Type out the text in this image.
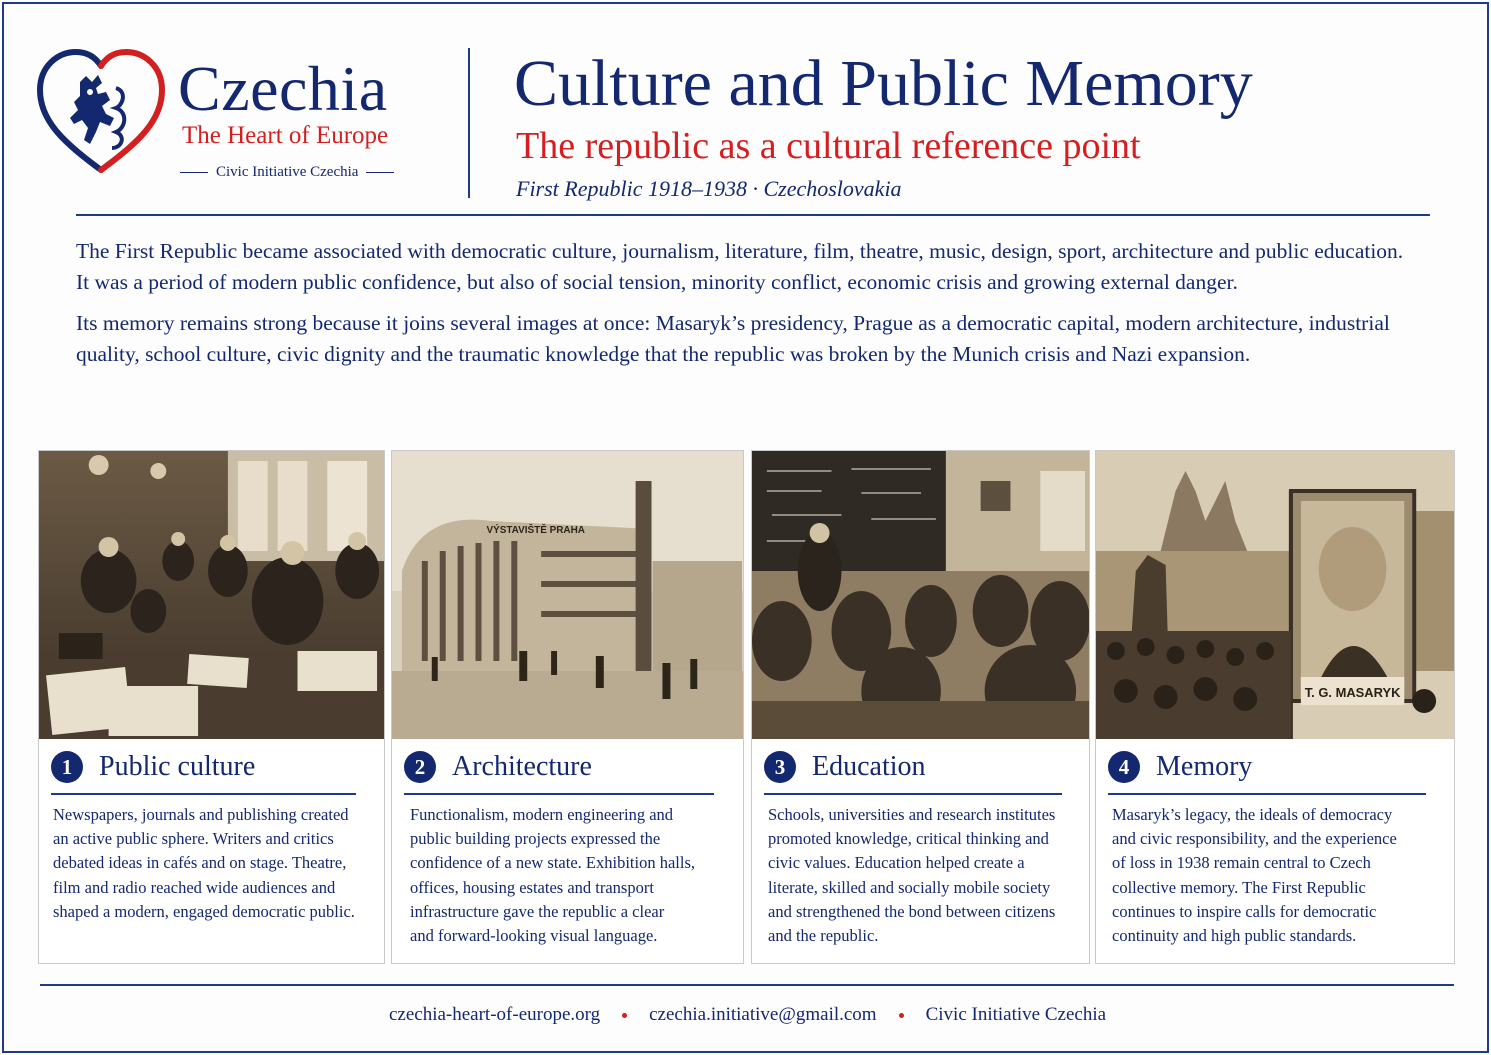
Czechia
The Heart of Europe
Civic Initiative Czechia
Culture and Public Memory
The republic as a cultural reference point
First Republic 1918–1938 · Czechoslovakia

The First Republic became associated with democratic culture, journalism, literature, film, theatre, music, design, sport, architecture and public education. It was a period of modern public confidence, but also of social tension, minority conflict, economic crisis and growing external danger.

Its memory remains strong because it joins several images at once: Masaryk’s presidency, Prague as a democratic capital, modern architecture, industrial quality, school culture, civic dignity and the traumatic knowledge that the republic was broken by the Munich crisis and Nazi expansion.

1 Public culture
Newspapers, journals and publishing created
an active public sphere. Writers and critics
debated ideas in cafés and on stage. Theatre,
film and radio reached wide audiences and
shaped a modern, engaged democratic public.
VÝSTAVIŠTĚ PRAHA
2 Architecture
Functionalism, modern engineering and
public building projects expressed the
confidence of a new state. Exhibition halls,
offices, housing estates and transport
infrastructure gave the republic a clear
and forward-looking visual language.
3 Education
Schools, universities and research institutes
promoted knowledge, critical thinking and
civic values. Education helped create a
literate, skilled and socially mobile society
and strengthened the bond between citizens
and the republic.
T. G. MASARYK
4 Memory
Masaryk’s legacy, the ideals of democracy
and civic responsibility, and the experience
of loss in 1938 remain central to Czech
collective memory. The First Republic
continues to inspire calls for democratic
continuity and high public standards.
czechia-heart-of-europe.org	czechia.initiative@gmail.com	Civic Initiative Czechia
